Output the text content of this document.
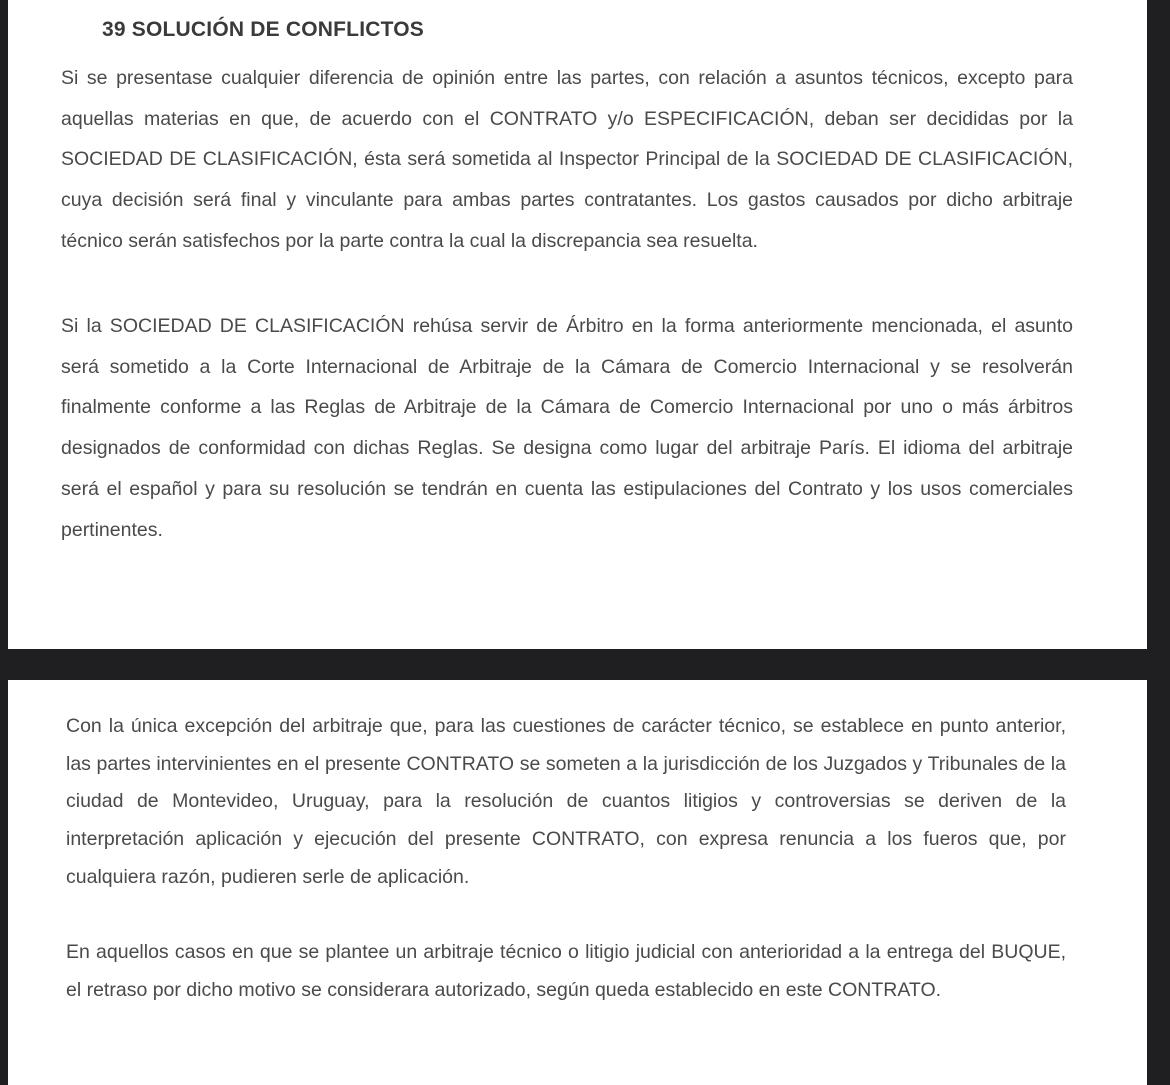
39 SOLUCIÓN DE CONFLICTOS

Si se presentase cualquier diferencia de opinión entre las partes, con relación a asuntos técnicos, excepto para aquellas materias en que, de acuerdo con el CONTRATO y/o ESPECIFICACIÓN, deban ser decididas por la SOCIEDAD DE CLASIFICACIÓN, ésta será sometida al Inspector Principal de la SOCIEDAD DE CLASIFICACIÓN, cuya decisión será final y vinculante para ambas partes contratantes. Los gastos causados por dicho arbitraje técnico serán satisfechos por la parte contra la cual la discrepancia sea resuelta.

Si la SOCIEDAD DE CLASIFICACIÓN rehúsa servir de Árbitro en la forma anteriormente mencionada, el asunto será sometido a la Corte Internacional de Arbitraje de la Cámara de Comercio Internacional y se resolverán finalmente conforme a las Reglas de Arbitraje de la Cámara de Comercio Internacional por uno o más árbitros designados de conformidad con dichas Reglas. Se designa como lugar del arbitraje París. El idioma del arbitraje será el español y para su resolución se tendrán en cuenta las estipulaciones del Contrato y los usos comerciales pertinentes.

Con la única excepción del arbitraje que, para las cuestiones de carácter técnico, se establece en punto anterior, las partes intervinientes en el presente CONTRATO se someten a la jurisdicción de los Juzgados y Tribunales de la ciudad de Montevideo, Uruguay, para la resolución de cuantos litigios y controversias se deriven de la interpretación aplicación y ejecución del presente CONTRATO, con expresa renuncia a los fueros que, por cualquiera razón, pudieren serle de aplicación.

En aquellos casos en que se plantee un arbitraje técnico o litigio judicial con anterioridad a la entrega del BUQUE, el retraso por dicho motivo se considerara autorizado, según queda establecido en este CONTRATO.
